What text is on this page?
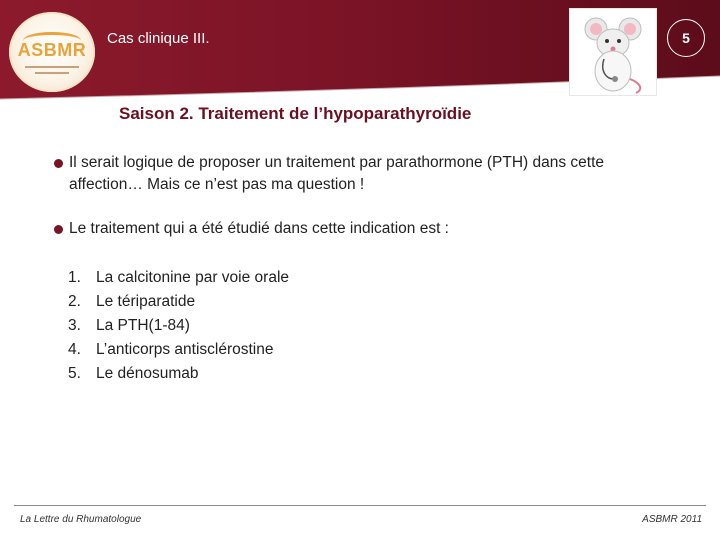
ASBMR
Cas clinique III.	5
Saison 2. Traitement de l’hypoparathyroïdie
Il serait logique de proposer un traitement par parathormone (PTH) dans cette affection… Mais ce n’est pas ma question !
Le traitement qui a été étudié dans cette indication est :
1. La calcitonine par voie orale
2. Le tériparatide
3. La PTH(1-84)
4. L’anticorps antisclérostine
5. Le dénosumab
La Lettre du Rhumatologue	ASBMR 2011
